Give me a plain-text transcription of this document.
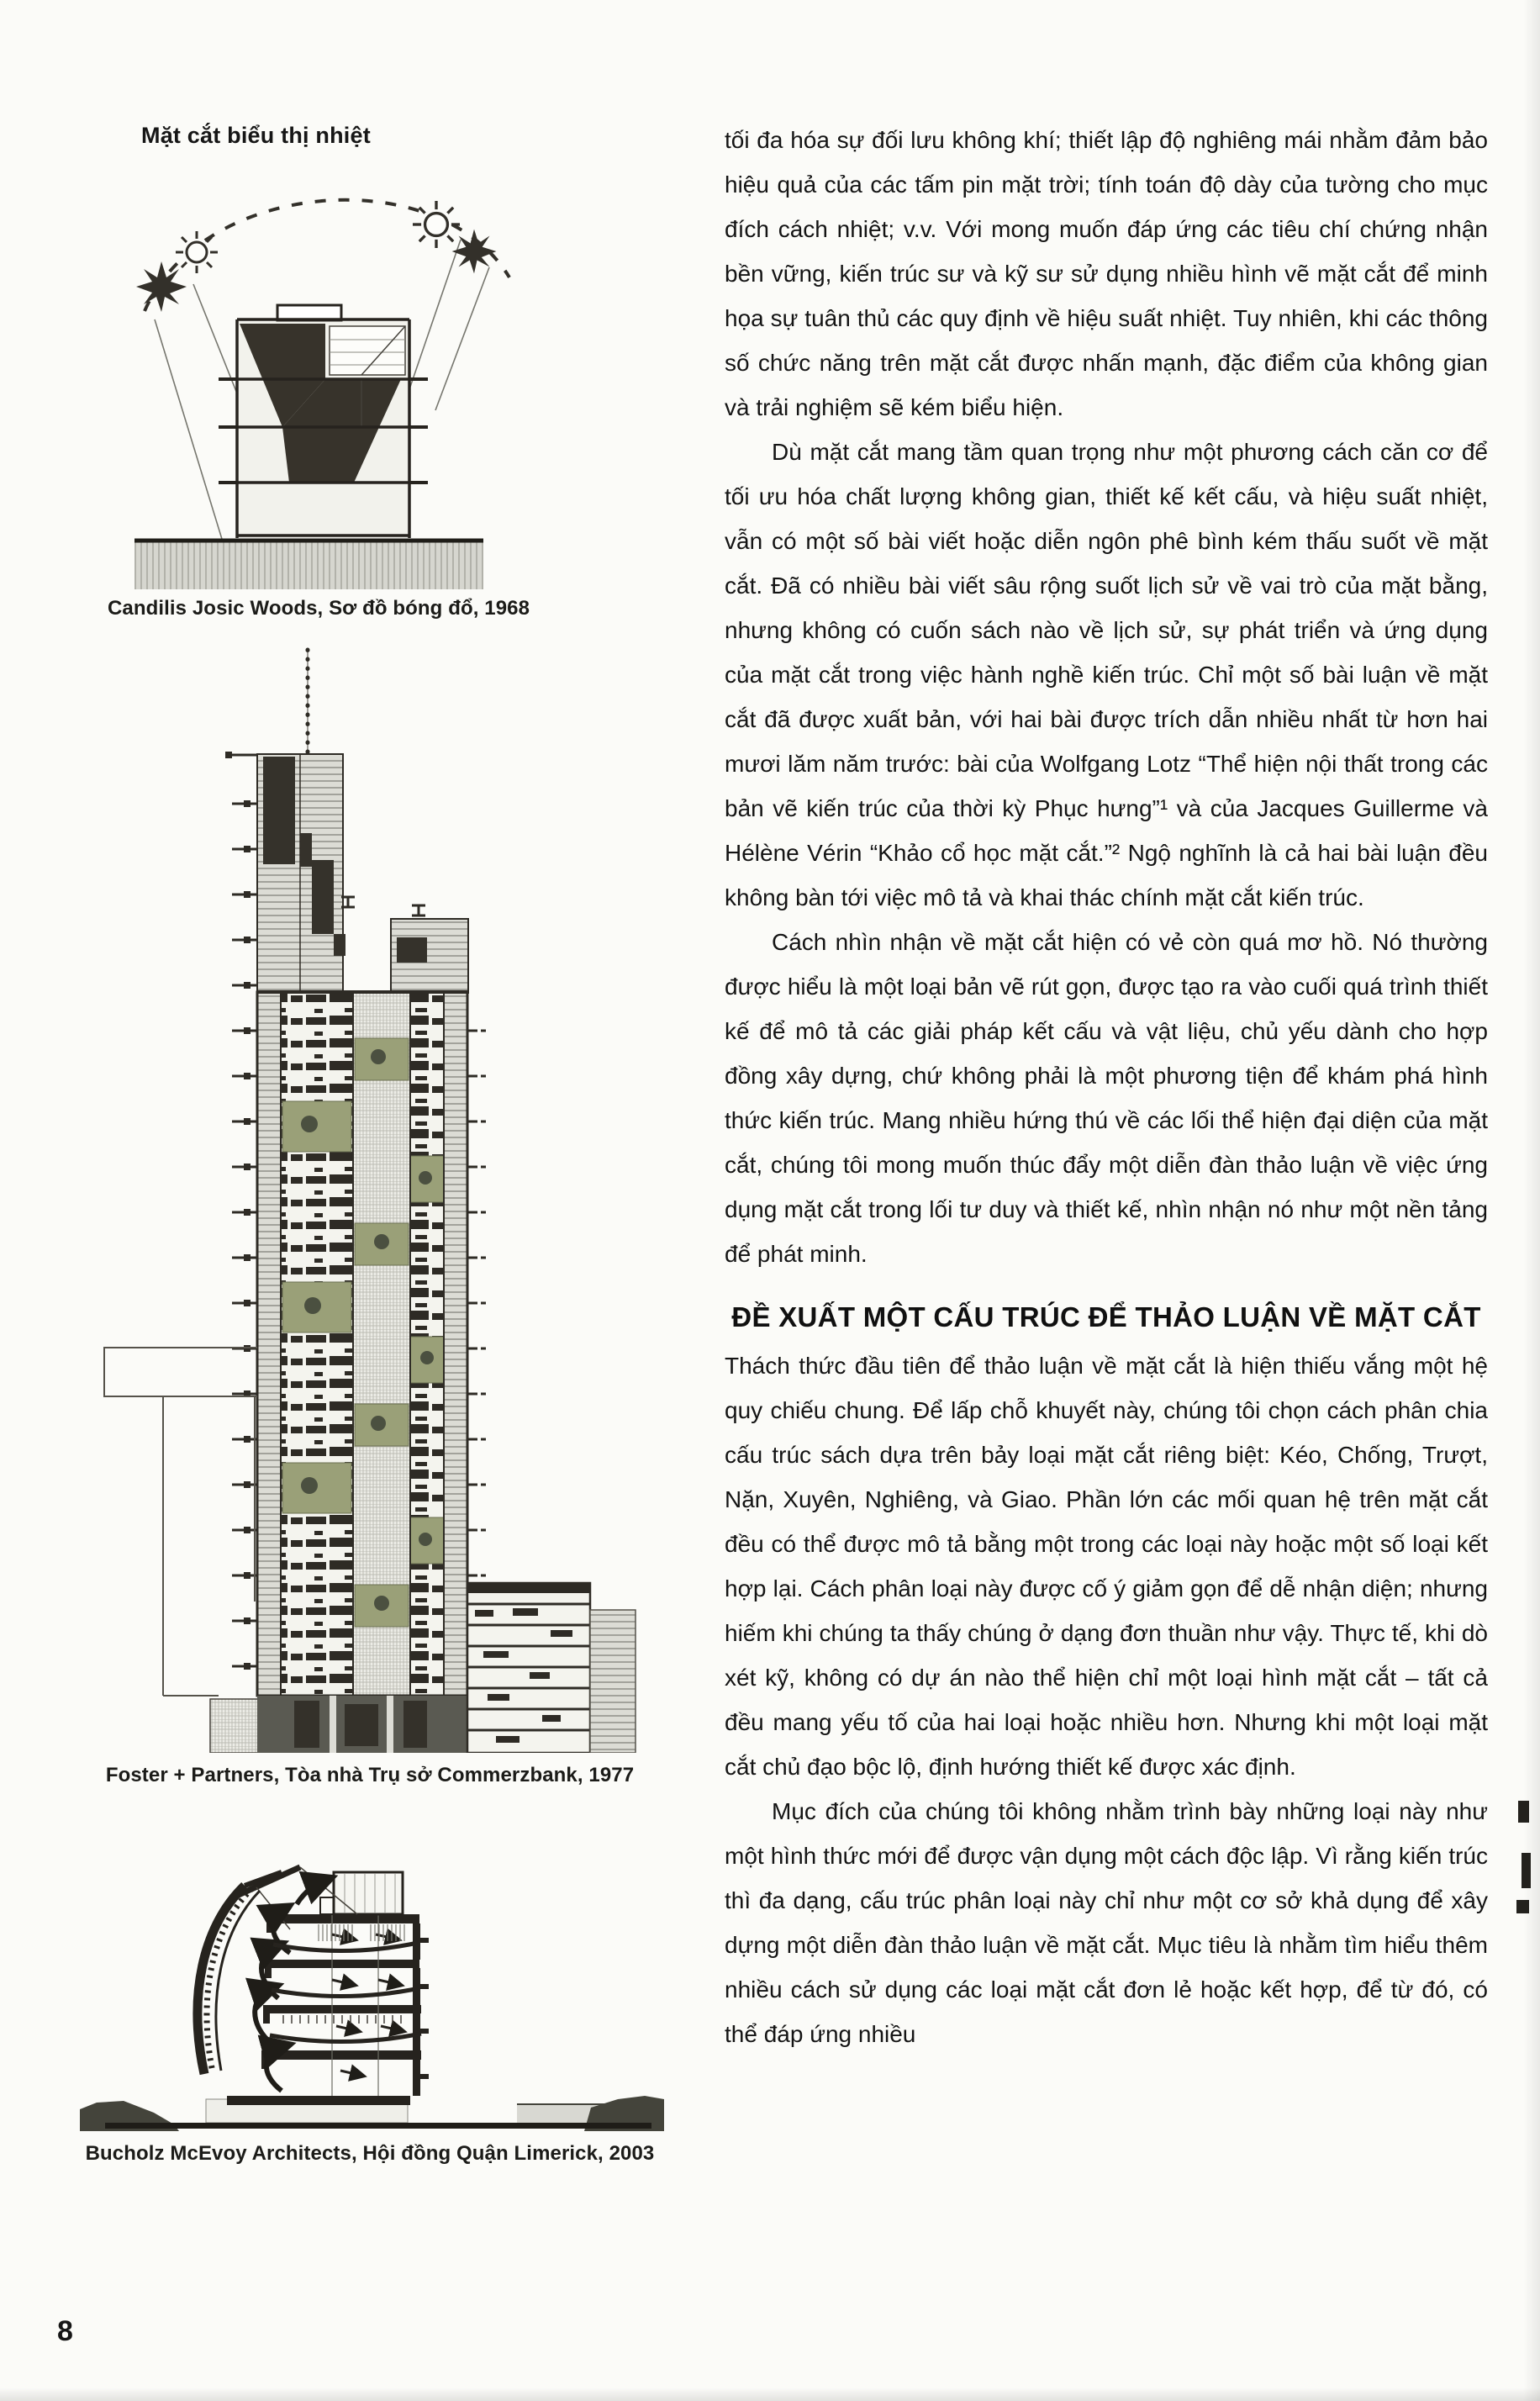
Mặt cắt biểu thị nhiệt
Candilis Josic Woods, Sơ đồ bóng đổ, 1968
Foster + Partners, Tòa nhà Trụ sở Commerzbank, 1977
Bucholz McEvoy Architects, Hội đồng Quận Limerick, 2003

tối đa hóa sự đối lưu không khí; thiết lập độ nghiêng mái nhằm đảm bảo hiệu quả của các tấm pin mặt trời; tính toán độ dày của tường cho mục đích cách nhiệt; v.v. Với mong muốn đáp ứng các tiêu chí chứng nhận bền vững, kiến trúc sư và kỹ sư sử dụng nhiều hình vẽ mặt cắt để minh họa sự tuân thủ các quy định về hiệu suất nhiệt. Tuy nhiên, khi các thông số chức năng trên mặt cắt được nhấn mạnh, đặc điểm của không gian và trải nghiệm sẽ kém biểu hiện.

Dù mặt cắt mang tầm quan trọng như một phương cách căn cơ để tối ưu hóa chất lượng không gian, thiết kế kết cấu, và hiệu suất nhiệt, vẫn có một số bài viết hoặc diễn ngôn phê bình kém thấu suốt về mặt cắt. Đã có nhiều bài viết sâu rộng suốt lịch sử về vai trò của mặt bằng, nhưng không có cuốn sách nào về lịch sử, sự phát triển và ứng dụng của mặt cắt trong việc hành nghề kiến trúc. Chỉ một số bài luận về mặt cắt đã được xuất bản, với hai bài được trích dẫn nhiều nhất từ hơn hai mươi lăm năm trước: bài của Wolfgang Lotz “Thể hiện nội thất trong các bản vẽ kiến trúc của thời kỳ Phục hưng”¹ và của Jacques Guillerme và Hélène Vérin “Khảo cổ học mặt cắt.”² Ngộ nghĩnh là cả hai bài luận đều không bàn tới việc mô tả và khai thác chính mặt cắt kiến trúc.

Cách nhìn nhận về mặt cắt hiện có vẻ còn quá mơ hồ. Nó thường được hiểu là một loại bản vẽ rút gọn, được tạo ra vào cuối quá trình thiết kế để mô tả các giải pháp kết cấu và vật liệu, chủ yếu dành cho hợp đồng xây dựng, chứ không phải là một phương tiện để khám phá hình thức kiến trúc. Mang nhiều hứng thú về các lối thể hiện đại diện của mặt cắt, chúng tôi mong muốn thúc đẩy một diễn đàn thảo luận về việc ứng dụng mặt cắt trong lối tư duy và thiết kế, nhìn nhận nó như một nền tảng để phát minh.

ĐỀ XUẤT MỘT CẤU TRÚC ĐỂ THẢO LUẬN VỀ MẶT CẮT

Thách thức đầu tiên để thảo luận về mặt cắt là hiện thiếu vắng một hệ quy chiếu chung. Để lấp chỗ khuyết này, chúng tôi chọn cách phân chia cấu trúc sách dựa trên bảy loại mặt cắt riêng biệt: Kéo, Chống, Trượt, Nặn, Xuyên, Nghiêng, và Giao. Phần lớn các mối quan hệ trên mặt cắt đều có thể được mô tả bằng một trong các loại này hoặc một số loại kết hợp lại. Cách phân loại này được cố ý giảm gọn để dễ nhận diện; nhưng hiếm khi chúng ta thấy chúng ở dạng đơn thuần như vậy. Thực tế, khi dò xét kỹ, không có dự án nào thể hiện chỉ một loại hình mặt cắt – tất cả đều mang yếu tố của hai loại hoặc nhiều hơn. Nhưng khi một loại mặt cắt chủ đạo bộc lộ, định hướng thiết kế được xác định.

Mục đích của chúng tôi không nhằm trình bày những loại này như một hình thức mới để được vận dụng một cách độc lập. Vì rằng kiến trúc thì đa dạng, cấu trúc phân loại này chỉ như một cơ sở khả dụng để xây dựng một diễn đàn thảo luận về mặt cắt. Mục tiêu là nhằm tìm hiểu thêm nhiều cách sử dụng các loại mặt cắt đơn lẻ hoặc kết hợp, để từ đó, có thể đáp ứng nhiều

8
